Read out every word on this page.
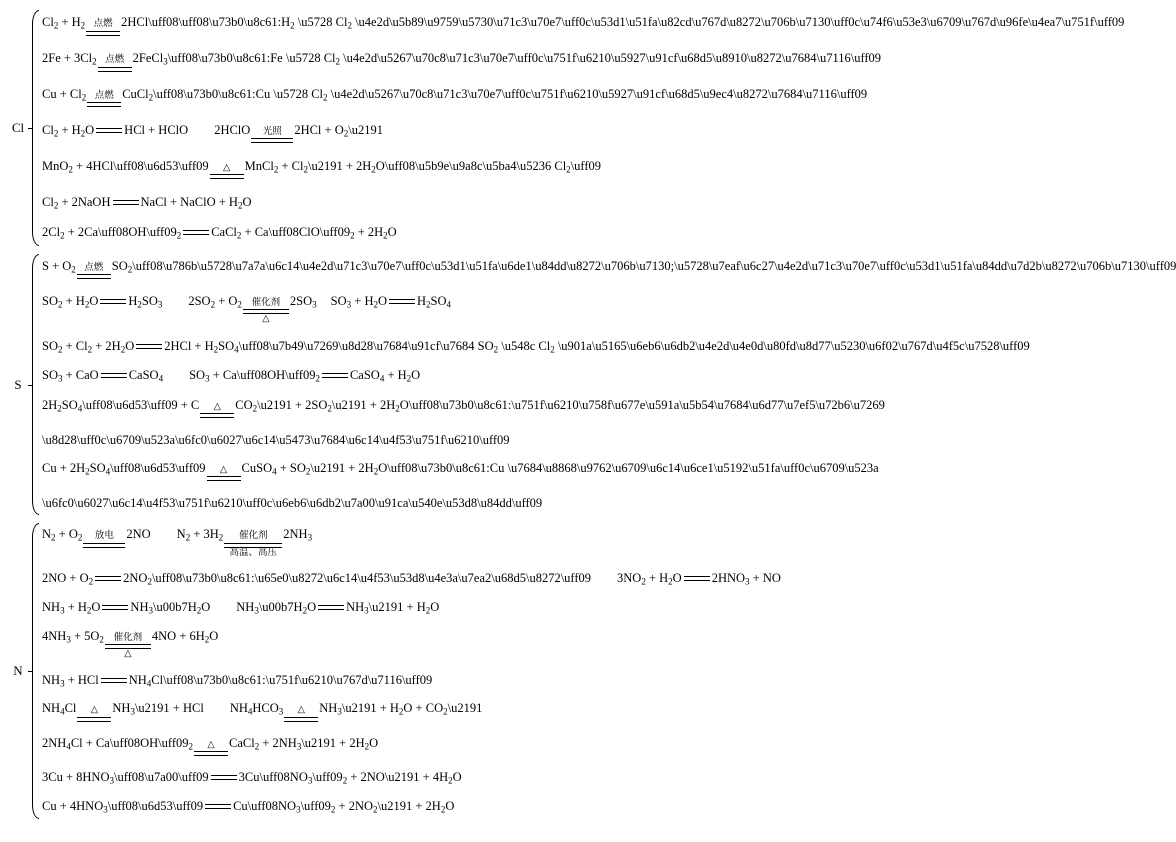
Cl
$Cl_2 + H_2$ 点燃 2HCl\uff08 $\backslash uff08\backslash u73b0\backslash u8c61:H_2$ \u5728 $Cl_2$ \u4e2d\u5b89\u9759\u5730\u71c3\u70e7\uff0c\u53d1\u51fa\u82cd\u767d\u8272\u706b\u7130\uff0c\u74f6\u53e3\u6709\u767d\u96fe\u4ea7\u751f\uff09
$2Fe + 3Cl_2$ 点燃 2FeCl$_3$\uff08\u73b0\u8c61:Fe \u5728 $Cl_2$ \u4e2d\u5267\u70c8\u71c3\u70e7\uff0c\u751f\u6210\u5927\u91cf\u68d5\u8910\u8272\u7684\u7116\uff09
$Cu + Cl_2$ 点燃 CuCl$_2$\uff08\u73b0\u8c61:Cu \u5728 $Cl_2$ \u4e2d\u5267\u70c8\u71c3\u70e7\uff0c\u751f\u6210\u5927\u91cf\u68d5\u9ec4\u8272\u7684\u7116\uff09
$Cl_2 + H_2O$ HCl + HClO 2HClO	光照	$2HCl + O_2\backslash u2191$
MnO$_2$ + 4HCl\uff08\u6d53\uff09	△	MnCl$_2$ + $Cl_2\backslash u2191$ + $2H_2O\backslash uff08\backslash u5b9e\backslash u9a8c\backslash u5ba4\backslash u5236$ $Cl_2\backslash uff09$
$Cl_2$ + 2NaOH NaCl + NaClO + $H_2O$
$2Cl_2$ + $2Ca\backslash uff08OH\backslash uff09_2$ CaCl$_2$ + $Ca\backslash uff08ClO\backslash uff09_2 + 2H_2O$
S
$S + O_2$ 点燃 $SO_2\backslash uff08\backslash u786b\backslash u5728\backslash u7a7a\backslash u6c14\backslash u4e2d\backslash u71c3\backslash u70e7\backslash uff0c\backslash u53d1\backslash u51fa\backslash u6de1\backslash u84dd\backslash u8272\backslash u706b\backslash u7130;\backslash u5728\backslash u7eaf\backslash u6c27\backslash u$4e2d\u71c3\u70e7\uff0c\u53d1\u51fa\u84dd\u7d2b\u8272\u706b\u7130\uff09
$SO_2 + H_2O$ $H_2SO_3$ $2SO_2 + O_2$	催化剂
△
$2SO_3$ $SO_3 + H_2O$ $H_2SO_4$
$SO_2 + Cl_2 + 2H_2O$ $2HCl + H_2SO_4\backslash uff08\backslash u7b49\backslash u7269\backslash u8d28\backslash u7684\backslash u91cf\backslash u7684$ $SO_2$ \u548c $Cl_2$ \u901a\u5165\u6eb6\u6db2\u4e2d\u4e0d\u80fd\u8d77\u5230\u6f02\u767d\u4f5c\u7528\uff09
$SO_3$ + CaO CaSO$_4$ $SO_3$ + $Ca\backslash uff08OH\backslash uff09_2$ CaSO$_4$ + $H_2O$
$2H_2SO_4\backslash uff08\backslash u6d53\backslash uff09 + C$	△	$CO_2\backslash u2191$ + $2SO_2\backslash u2191$ + $2H_2O\backslash uff08\backslash u73b0\backslash u8c61:\backslash u751f\backslash u6210\backslash u758f\backslash u677e\backslash u591a\backslash u5b54\backslash u7684\backslash u6d77\backslash u7ef5\backslash u72b6\backslash u7269$
\u8d28\uff0c\u6709\u523a\u6fc0\u6027\u6c14\u5473\u7684\u6c14\u4f53\u751f\u6210\uff09
$Cu + 2H_2SO_4\backslash uff08\backslash u6d53\backslash uff09$	△	CuSO$_4$ + $SO_2\backslash u2191$ + $2H_2O\backslash uff08\backslash u73b0\backslash u8c61:Cu$ \u7684\u8868\u9762\u6709\u6c14\u6ce1\u5192\u51fa\uff0c\u6709\u523a
\u6fc0\u6027\u6c14\u4f53\u751f\u6210\uff0c\u6eb6\u6db2\u7a00\u91ca\u540e\u53d8\u84dd\uff09
N
$N_2 + O_2$	放电	2NO $N_2 + 3H_2$	催化剂
高温、高压
$2NH_3$
$2NO + O_2$ $2NO_2\backslash uff08\backslash u73b0\backslash u8c61:\backslash u65e0\backslash u8272\backslash u6c14\backslash u4f53\backslash u53d8\backslash u4e3a\backslash u7ea2\backslash u68d5\backslash u8272\backslash uff09$ $3NO_2 + H_2O$ $2HNO_3$ + NO
$NH_3 + H_2O$ $NH_3\backslash u00b7H_2O$ $NH_3\backslash u00b7H_2O$ $NH_3\backslash u2191 + H_2O$
$4NH_3 + 5O_2$	催化剂
△
$4NO + 6H_2O$
$NH_3$ + HCl $NH_4Cl\backslash uff08\backslash u73b0\backslash u8c61:\backslash u751f\backslash u6210\backslash u767d\backslash u7116\backslash uff09$
$NH_4Cl$	△	$NH_3\backslash u2191$ + HCl $NH_4HCO_3$	△	$NH_3\backslash u2191 + H_2O$ + $CO_2\backslash u2191$
$2NH_4Cl$ + $Ca\backslash uff08OH\backslash uff09_2$	△	CaCl$_2$ + $2NH_3\backslash u2191 + 2H_2O$
$3Cu + 8HNO_3\backslash uff08\backslash u7a00\backslash uff09$ $3Cu\backslash uff08NO_3\backslash uff09_2$ + 2NO\u2191 + $4H_2O$
$Cu + 4HNO_3\backslash uff08\backslash u6d53\backslash uff09$ $Cu\backslash uff08NO_3\backslash uff09_2$ + $2NO_2\backslash u2191 + 2H_2O$
